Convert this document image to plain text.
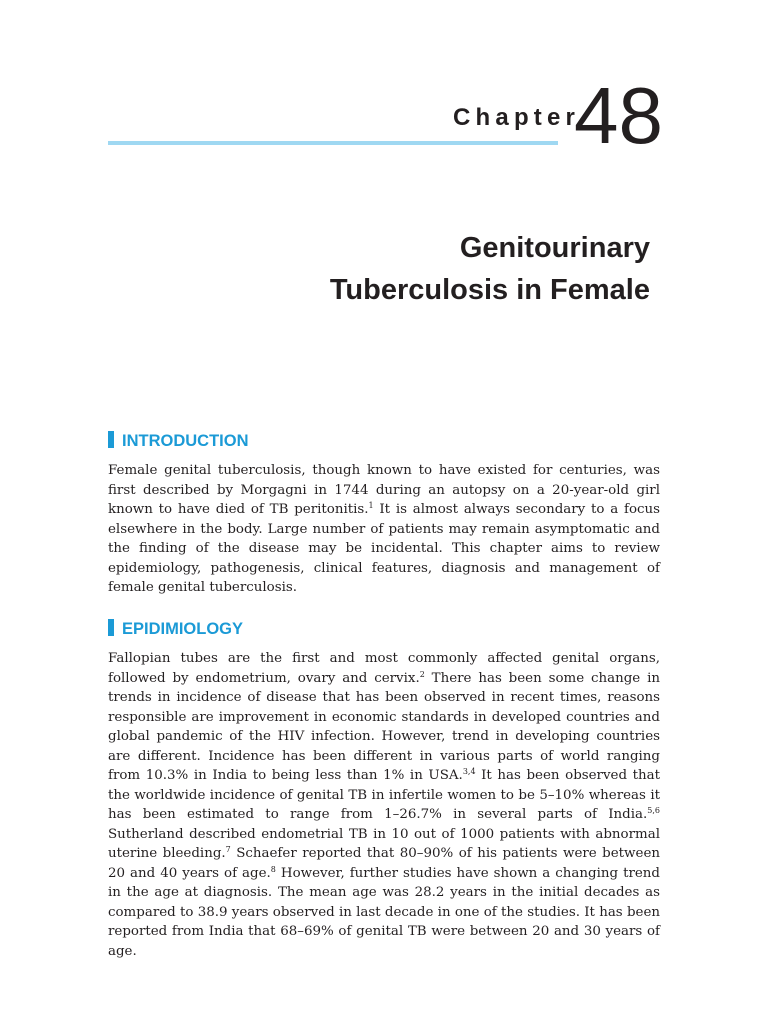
Chapter
48
Genitourinary
Tuberculosis in Female
INTRODUCTION

Female genital tuberculosis, though known to have existed for centuries, was first described by Morgagni in 1744 during an autopsy on a 20-year-old girl known to have died of TB peritonitis.$^1$ It is almost always secondary to a focus elsewhere in the body. Large number of patients may remain asymptomatic and the finding of the disease may be incidental. This chapter aims to review epidemiology, pathogenesis, clinical features, diagnosis and management of female genital tuberculosis.

EPIDIMIOLOGY

Fallopian tubes are the first and most commonly affected genital organs, followed by endometrium, ovary and cervix.$^2$ There has been some change in trends in incidence of disease that has been observed in recent times, reasons responsible are improvement in economic standards in developed countries and global pandemic of the HIV infection. However, trend in developing countries are different. Incidence has been different in various parts of world ranging from 10.3% in India to being less than 1% in USA.$^{3,4}$ It has been observed that the worldwide incidence of genital TB in infertile women to be 5–10% whereas it has been estimated to range from 1–26.7% in several parts of India.$^{5,6}$ Sutherland described endometrial TB in 10 out of 1000 patients with abnormal uterine bleeding.$^7$ Schaefer reported that 80–90% of his patients were between 20 and 40 years of age.$^8$ However, further studies have shown a changing trend in the age at diagnosis. The mean age was 28.2 years in the initial decades as compared to 38.9 years observed in last decade in one of the studies. It has been reported from India that 68–69% of genital TB were between 20 and 30 years of age.
